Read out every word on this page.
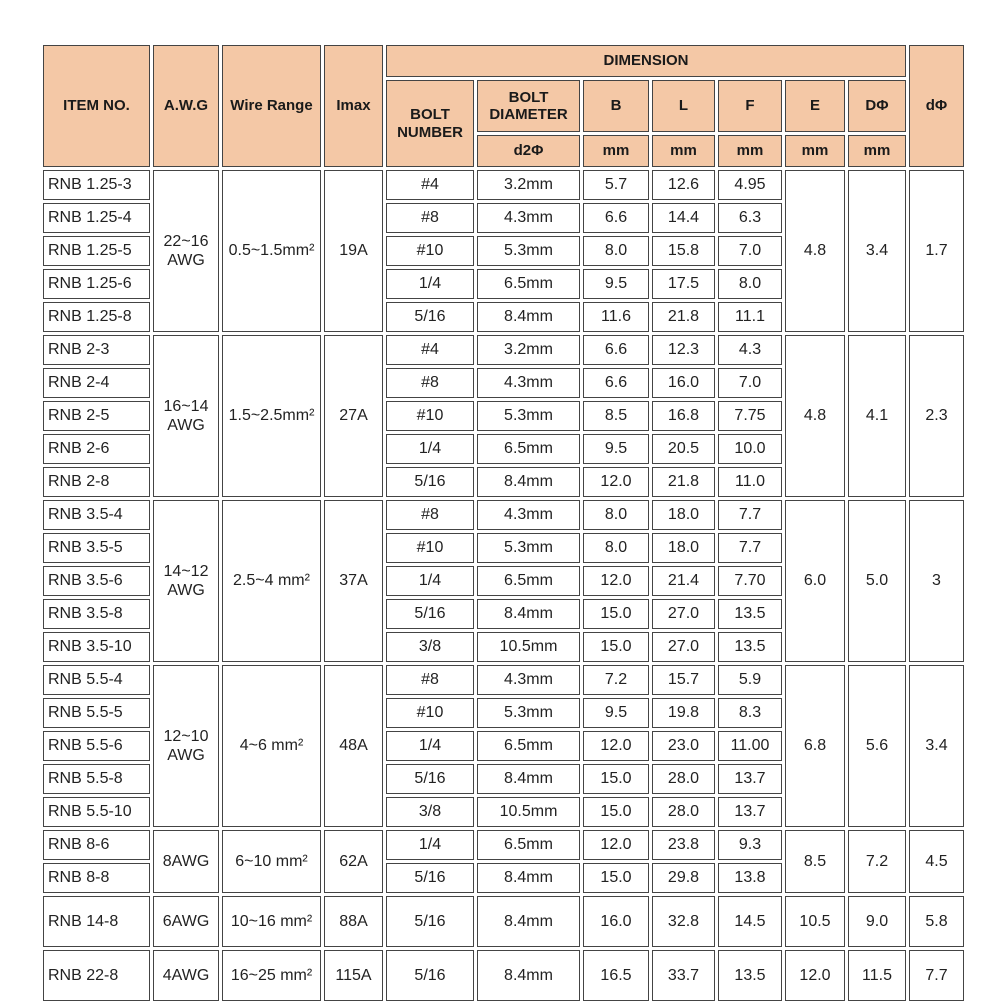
ITEM NO.	A.W.G	Wire Range	Imax	DIMENSION							dΦ
				BOLT NUMBER	BOLT DIAMETER	B	L	F	E	DΦ	
					d2Φ	mm	mm	mm	mm	mm	
RNB 1.25-3	22~16 AWG	0.5~1.5mm²	19A	#4	3.2mm	5.7	12.6	4.95	4.8	3.4	1.7
RNB 1.25-4				#8	4.3mm	6.6	14.4	6.3			
RNB 1.25-5				#10	5.3mm	8.0	15.8	7.0			
RNB 1.25-6				1/4	6.5mm	9.5	17.5	8.0			
RNB 1.25-8				5/16	8.4mm	11.6	21.8	11.1			
RNB 2-3	16~14 AWG	1.5~2.5mm²	27A	#4	3.2mm	6.6	12.3	4.3	4.8	4.1	2.3
RNB 2-4				#8	4.3mm	6.6	16.0	7.0			
RNB 2-5				#10	5.3mm	8.5	16.8	7.75			
RNB 2-6				1/4	6.5mm	9.5	20.5	10.0			
RNB 2-8				5/16	8.4mm	12.0	21.8	11.0			
RNB 3.5-4	14~12 AWG	2.5~4 mm²	37A	#8	4.3mm	8.0	18.0	7.7	6.0	5.0	3
RNB 3.5-5				#10	5.3mm	8.0	18.0	7.7			
RNB 3.5-6				1/4	6.5mm	12.0	21.4	7.70			
RNB 3.5-8				5/16	8.4mm	15.0	27.0	13.5			
RNB 3.5-10				3/8	10.5mm	15.0	27.0	13.5			
RNB 5.5-4	12~10 AWG	4~6 mm²	48A	#8	4.3mm	7.2	15.7	5.9	6.8	5.6	3.4
RNB 5.5-5				#10	5.3mm	9.5	19.8	8.3			
RNB 5.5-6				1/4	6.5mm	12.0	23.0	11.00			
RNB 5.5-8				5/16	8.4mm	15.0	28.0	13.7			
RNB 5.5-10				3/8	10.5mm	15.0	28.0	13.7			
RNB 8-6	8AWG	6~10 mm²	62A	1/4	6.5mm	12.0	23.8	9.3	8.5	7.2	4.5
RNB 8-8				5/16	8.4mm	15.0	29.8	13.8			
RNB 14-8	6AWG	10~16 mm²	88A	5/16	8.4mm	16.0	32.8	14.5	10.5	9.0	5.8
RNB 22-8	4AWG	16~25 mm²	115A	5/16	8.4mm	16.5	33.7	13.5	12.0	11.5	7.7
